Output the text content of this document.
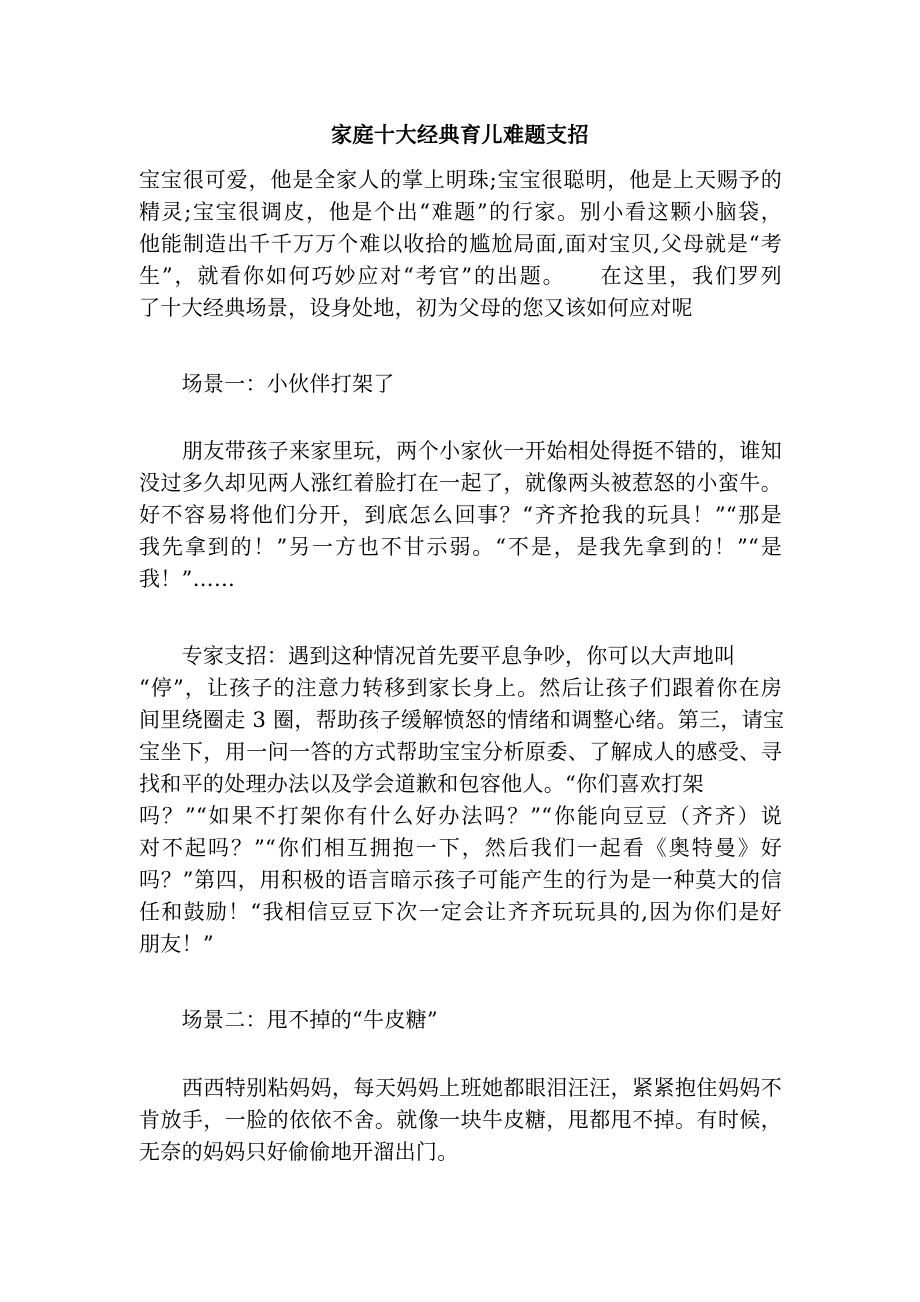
家庭十大经典育儿难题支招
宝宝很可爱，他是全家人的掌上明珠;宝宝很聪明，他是上天赐予的
精灵;宝宝很调皮，他是个出“难题”的行家。别小看这颗小脑袋，
他能制造出千千万万个难以收拾的尴尬局面,面对宝贝,父母就是“考
生”，就看你如何巧妙应对“考官”的出题。　　在这里，我们罗列
了十大经典场景，设身处地，初为父母的您又该如何应对呢
　　场景一：小伙伴打架了
　　朋友带孩子来家里玩，两个小家伙一开始相处得挺不错的，谁知
没过多久却见两人涨红着脸打在一起了，就像两头被惹怒的小蛮牛。
好不容易将他们分开，到底怎么回事？“齐齐抢我的玩具！”“那是
我先拿到的！”另一方也不甘示弱。“不是，是我先拿到的！”“是
我！”……
　　专家支招：遇到这种情况首先要平息争吵，你可以大声地叫
“停”，让孩子的注意力转移到家长身上。然后让孩子们跟着你在房
间里绕圈走 3 圈，帮助孩子缓解愤怒的情绪和调整心绪。第三，请宝
宝坐下，用一问一答的方式帮助宝宝分析原委、了解成人的感受、寻
找和平的处理办法以及学会道歉和包容他人。“你们喜欢打架
吗？”“如果不打架你有什么好办法吗？”“你能向豆豆（齐齐）说
对不起吗？”“你们相互拥抱一下，然后我们一起看《奥特曼》好
吗？”第四，用积极的语言暗示孩子可能产生的行为是一种莫大的信
任和鼓励！“我相信豆豆下次一定会让齐齐玩玩具的,因为你们是好
朋友！”
　　场景二：甩不掉的“牛皮糖”
　　西西特别粘妈妈，每天妈妈上班她都眼泪汪汪，紧紧抱住妈妈不
肯放手，一脸的依依不舍。就像一块牛皮糖，甩都甩不掉。有时候，
无奈的妈妈只好偷偷地开溜出门。
